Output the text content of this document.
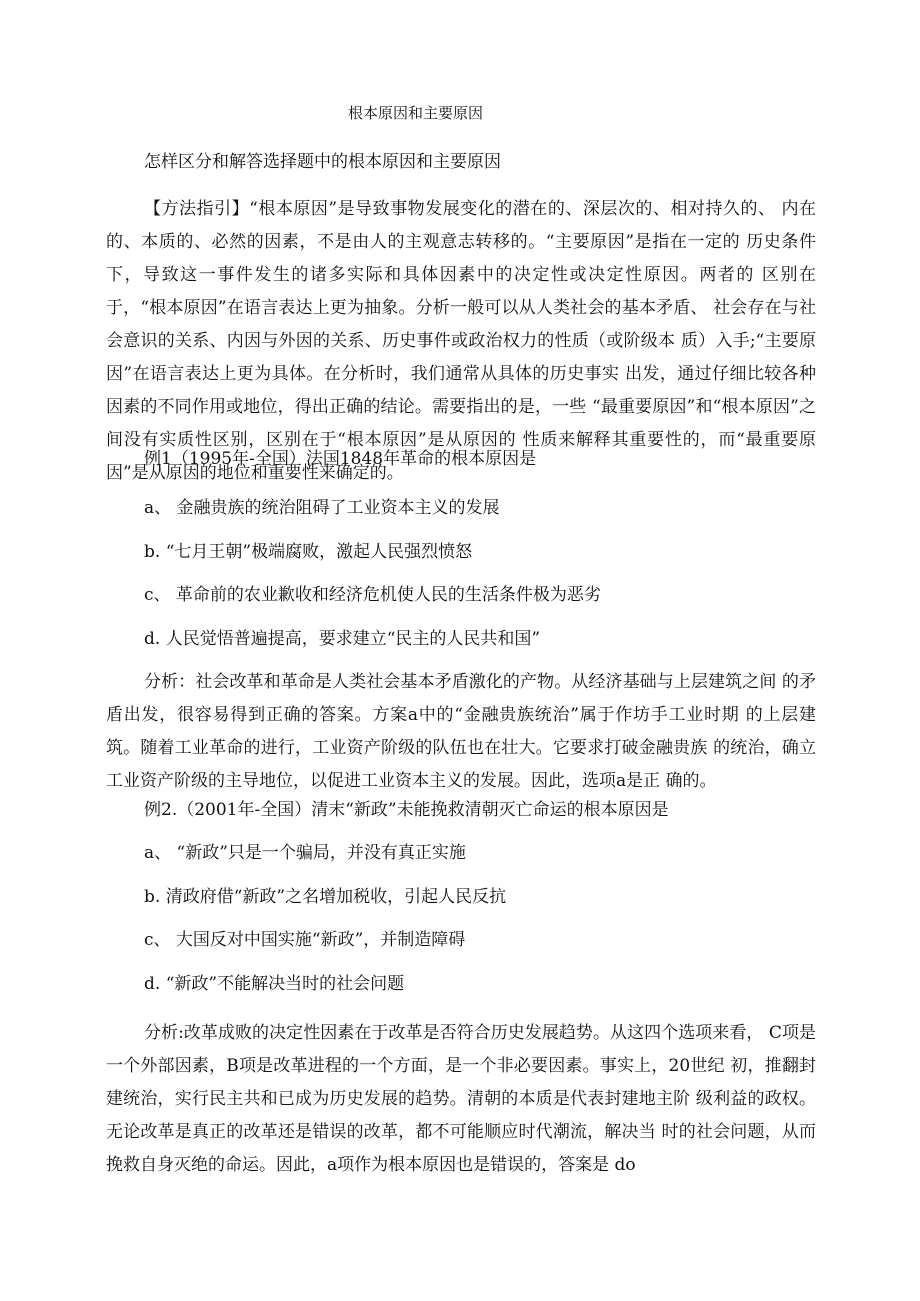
根本原因和主要原因
怎样区分和解答选择题中的根本原因和主要原因

【方法指引】“根本原因”是导致事物发展变化的潜在的、深层次的、相对持久的、 内在的、本质的、必然的因素，不是由人的主观意志转移的。“主要原因”是指在一定的 历史条件下，导致这一事件发生的诸多实际和具体因素中的决定性或决定性原因。两者的 区别在于，“根本原因”在语言表达上更为抽象。分析一般可以从人类社会的基本矛盾、 社会存在与社会意识的关系、内因与外因的关系、历史事件或政治权力的性质（或阶级本 质）入手;“主要原因”在语言表达上更为具体。在分析时，我们通常从具体的历史事实 出发，通过仔细比较各种因素的不同作用或地位，得出正确的结论。需要指出的是，一些 “最重要原因”和“根本原因”之间没有实质性区别，区别在于“根本原因”是从原因的 性质来解释其重要性的，而“最重要原因”是从原因的地位和重要性来确定的。

例1（1995年-全国）法国1848年革命的根本原因是

a、 金融贵族的统治阻碍了工业资本主义的发展

b. “七月王朝”极端腐败，激起人民强烈愤怒

c、 革命前的农业歉收和经济危机使人民的生活条件极为恶劣

d. 人民觉悟普遍提高，要求建立“民主的人民共和国”

分析：社会改革和革命是人类社会基本矛盾激化的产物。从经济基础与上层建筑之间 的矛盾出发，很容易得到正确的答案。方案a中的“金融贵族统治”属于作坊手工业时期 的上层建筑。随着工业革命的进行，工业资产阶级的队伍也在壮大。它要求打破金融贵族 的统治，确立工业资产阶级的主导地位，以促进工业资本主义的发展。因此，选项a是正 确的。

例2.（2001年-全国）清末“新政”未能挽救清朝灭亡命运的根本原因是

a、 “新政”只是一个骗局，并没有真正实施

b. 清政府借“新政”之名增加税收，引起人民反抗

c、 大国反对中国实施“新政”，并制造障碍

d. “新政”不能解决当时的社会问题

分析:改革成败的决定性因素在于改革是否符合历史发展趋势。从这四个选项来看， C项是一个外部因素，B项是改革进程的一个方面，是一个非必要因素。事实上，20世纪 初，推翻封建统治，实行民主共和已成为历史发展的趋势。清朝的本质是代表封建地主阶 级利益的政权。无论改革是真正的改革还是错误的改革，都不可能顺应时代潮流，解决当 时的社会问题，从而挽救自身灭绝的命运。因此，a项作为根本原因也是错误的，答案是 do
